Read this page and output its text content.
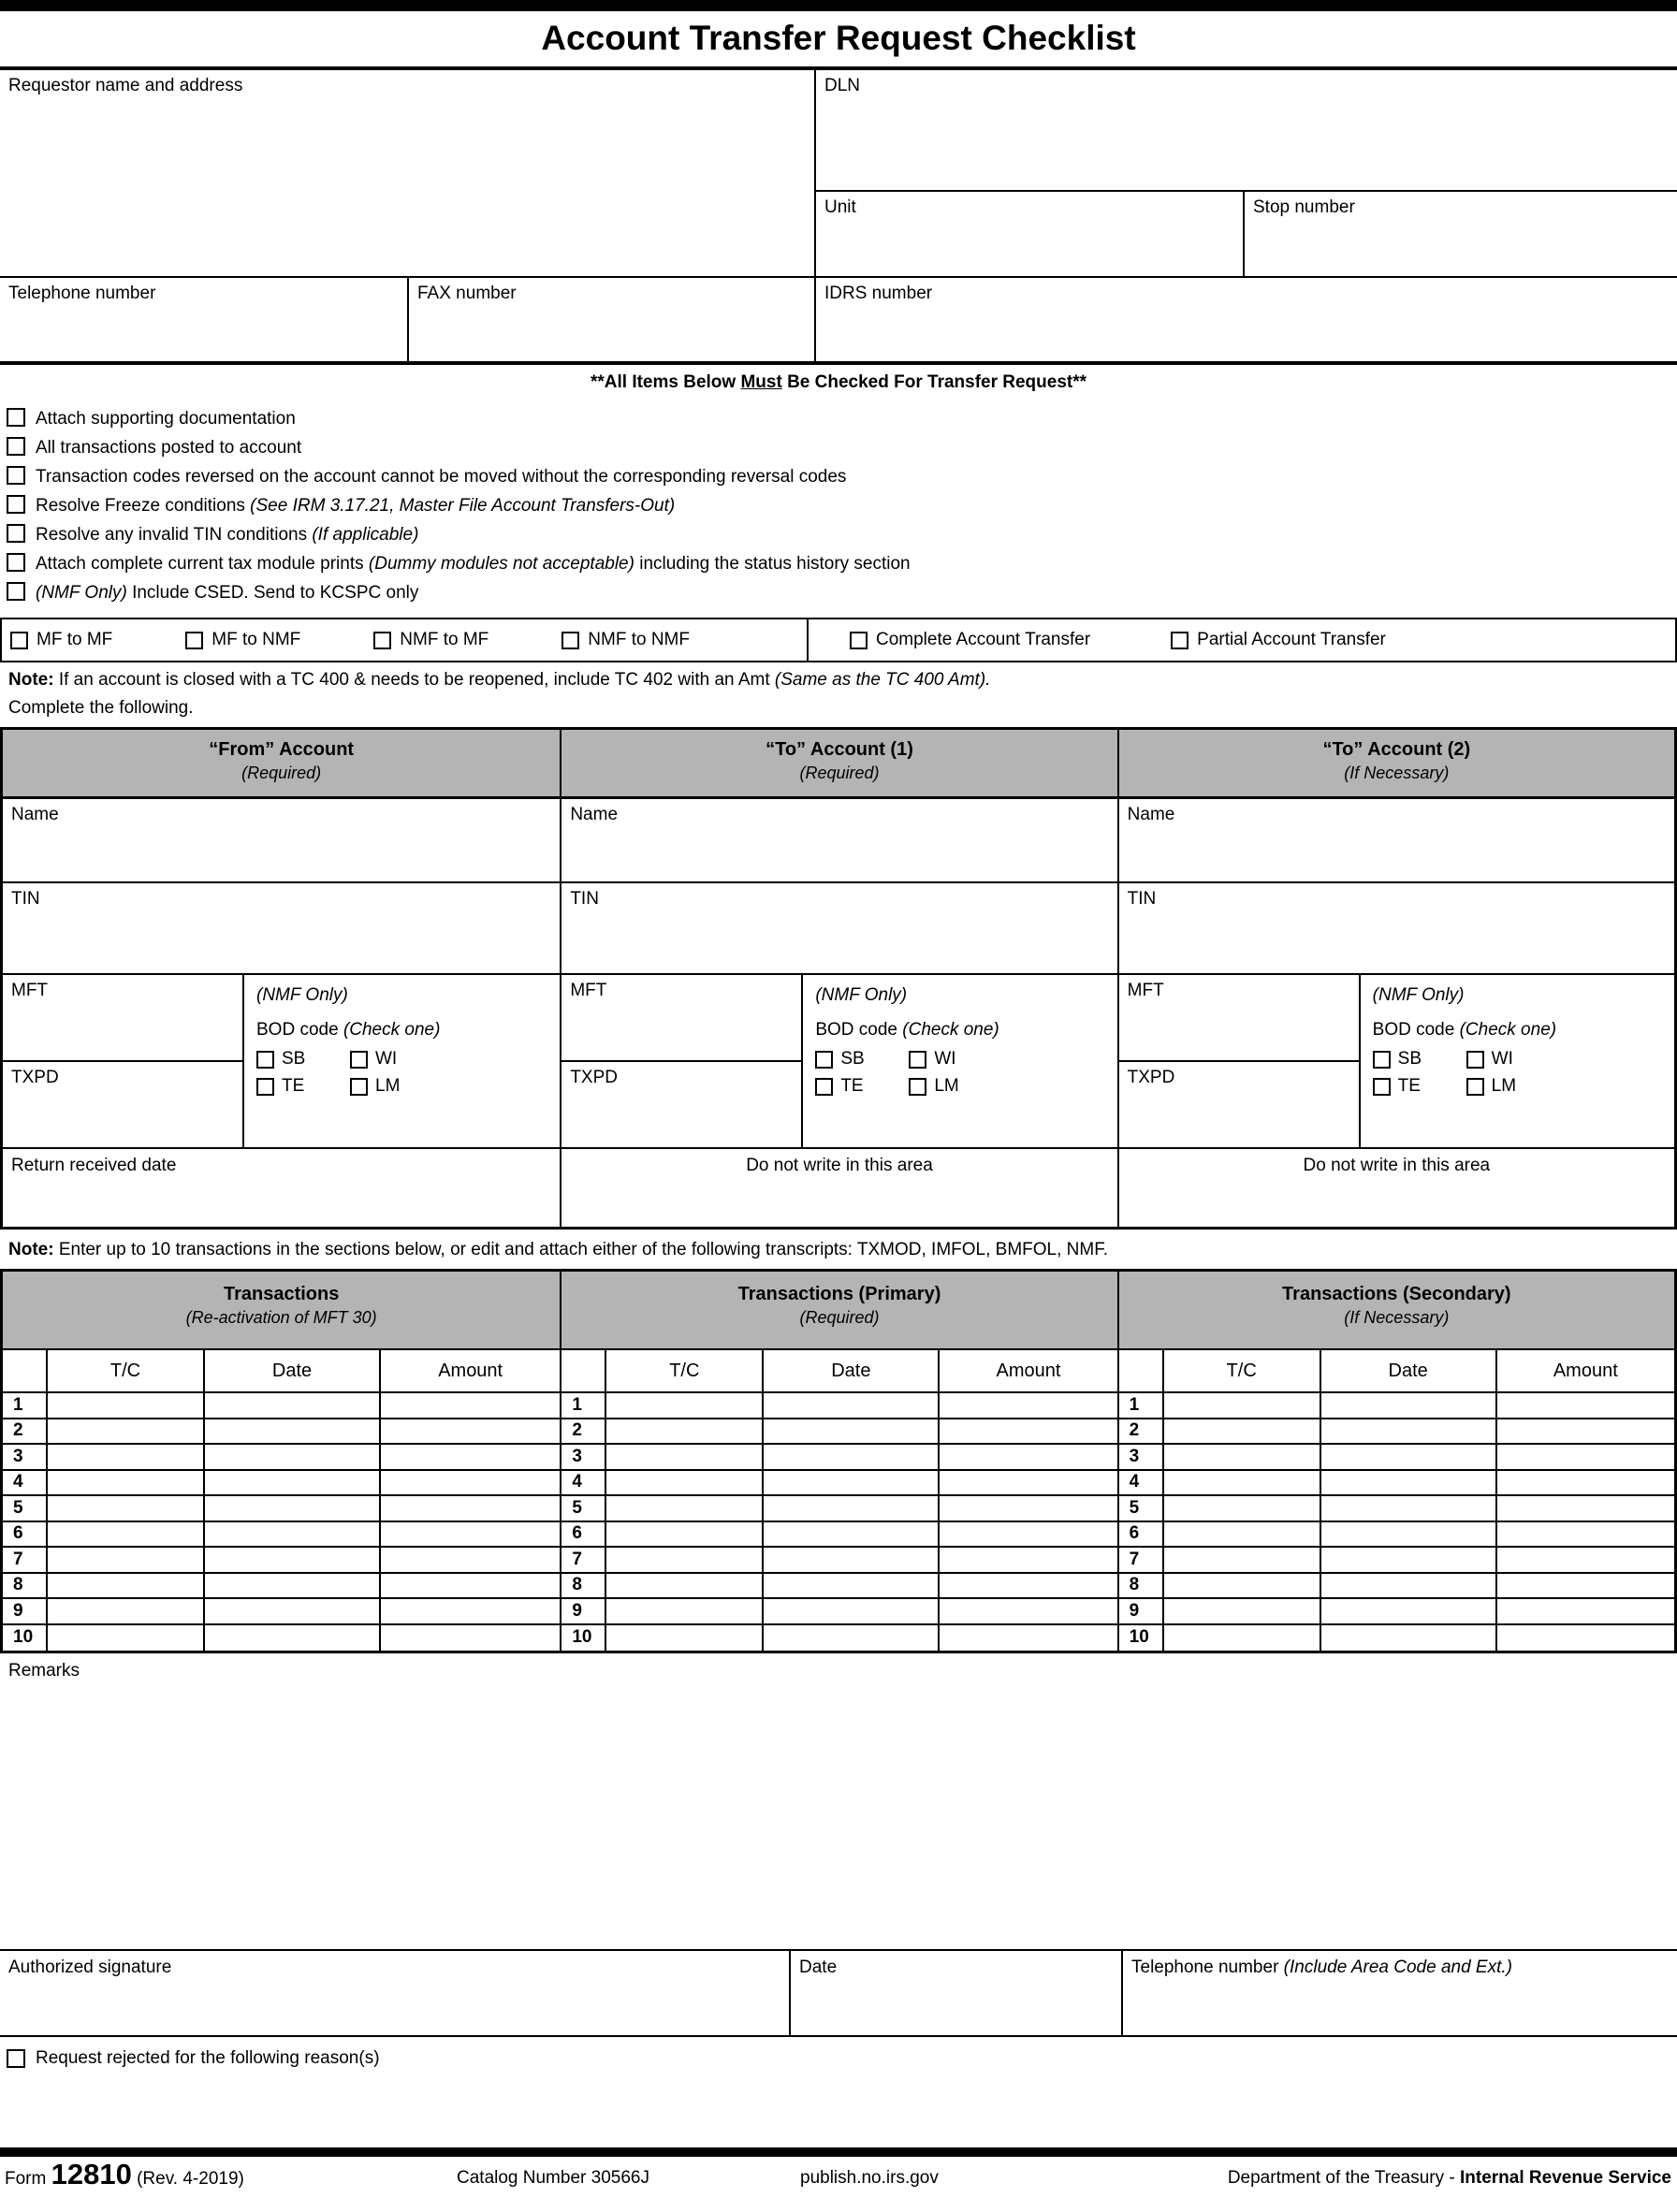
Account Transfer Request Checklist
Requestor name and address	DLN
Unit	Stop number
Telephone number	FAX number	IDRS number
**All Items Below Must Be Checked For Transfer Request**
Attach supporting documentation
All transactions posted to account
Transaction codes reversed on the account cannot be moved without the corresponding reversal codes
Resolve Freeze conditions (See IRM 3.17.21, Master File Account Transfers-Out)
Resolve any invalid TIN conditions (If applicable)
Attach complete current tax module prints (Dummy modules not acceptable) including the status history section
(NMF Only) Include CSED. Send to KCSPC only
MF to MF	MF to NMF	NMF to MF	NMF to NMF	Complete Account Transfer	Partial Account Transfer
Note: If an account is closed with a TC 400 & needs to be reopened, include TC 402 with an Amt (Same as the TC 400 Amt).
Complete the following.
“From” Account
(Required)
Name
TIN
MFT
TXPD
(NMF Only)
BOD code (Check one)
SB	WI
TE	LM
Return received date
“To” Account (1)
(Required)
Name
TIN
MFT
TXPD
(NMF Only)
BOD code (Check one)
SB	WI
TE	LM
Do not write in this area
“To” Account (2)
(If Necessary)
Name
TIN
MFT
TXPD
(NMF Only)
BOD code (Check one)
SB	WI
TE	LM
Do not write in this area
Note: Enter up to 10 transactions in the sections below, or edit and attach either of the following transcripts: TXMOD, IMFOL, BMFOL, NMF.
Transactions
(Re-activation of MFT 30)
T/C	Date	Amount
1
2
3
4
5
6
7
8
9
10
Transactions (Primary)
(Required)
T/C	Date	Amount
1
2
3
4
5
6
7
8
9
10
Transactions (Secondary)
(If Necessary)
T/C	Date	Amount
1
2
3
4
5
6
7
8
9
10
Remarks
Authorized signature	Date	Telephone number (Include Area Code and Ext.)
Request rejected for the following reason(s)
Form 12810 (Rev. 4-2019)	Catalog Number 30566J	publish.no.irs.gov	Department of the Treasury - Internal Revenue Service
